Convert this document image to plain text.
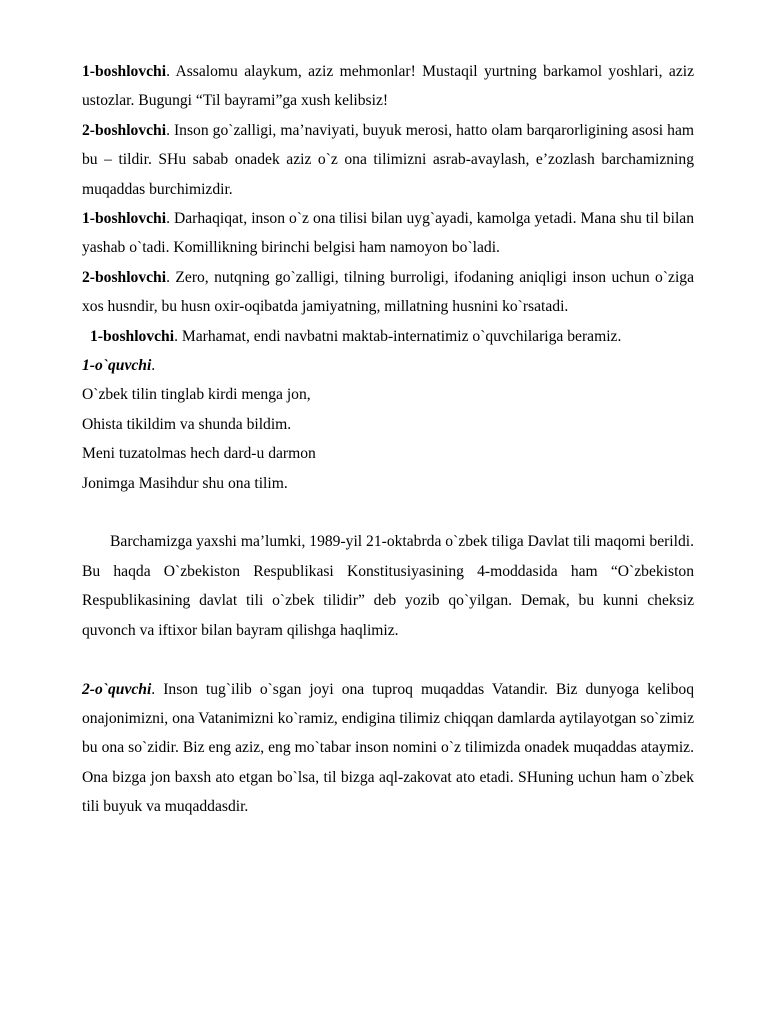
1-boshlovchi. Assalomu alaykum, aziz mehmonlar! Mustaqil yurtning barkamol yoshlari, aziz ustozlar. Bugungi “Til bayrami”ga xush kelibsiz!

2-boshlovchi. Inson go`zalligi, ma’naviyati, buyuk merosi, hatto olam barqarorligining asosi ham bu – tildir. SHu sabab onadek aziz o`z ona tilimizni asrab-avaylash, e’zozlash barchamizning muqaddas burchimizdir.

1-boshlovchi. Darhaqiqat, inson o`z ona tilisi bilan uyg`ayadi, kamolga yetadi. Mana shu til bilan yashab o`tadi. Komillikning birinchi belgisi ham namoyon bo`ladi.

2-boshlovchi. Zero, nutqning go`zalligi, tilning burroligi, ifodaning aniqligi inson uchun o`ziga xos husndir, bu husn oxir-oqibatda jamiyatning, millatning husnini ko`rsatadi.

1-boshlovchi. Marhamat, endi navbatni maktab-internatimiz o`quvchilariga beramiz.

1-o`quvchi.

O`zbek tilin tinglab kirdi menga jon,

Ohista tikildim va shunda bildim.

Meni tuzatolmas hech dard-u darmon

Jonimga Masihdur shu ona tilim.

Barchamizga yaxshi ma’lumki, 1989-yil 21-oktabrda o`zbek tiliga Davlat tili maqomi berildi. Bu haqda O`zbekiston Respublikasi Konstitusiyasining 4-moddasida ham “O`zbekiston Respublikasining davlat tili o`zbek tilidir” deb yozib qo`yilgan. Demak, bu kunni cheksiz quvonch va iftixor bilan bayram qilishga haqlimiz.

2-o`quvchi. Inson tug`ilib o`sgan joyi ona tuproq muqaddas Vatandir. Biz dunyoga keliboq onajonimizni, ona Vatanimizni ko`ramiz, endigina tilimiz chiqqan damlarda aytilayotgan so`zimiz bu ona so`zidir. Biz eng aziz, eng mo`tabar inson nomini o`z tilimizda onadek muqaddas ataymiz. Ona bizga jon baxsh ato etgan bo`lsa, til bizga aql-zakovat ato etadi. SHuning uchun ham o`zbek tili buyuk va muqaddasdir.
